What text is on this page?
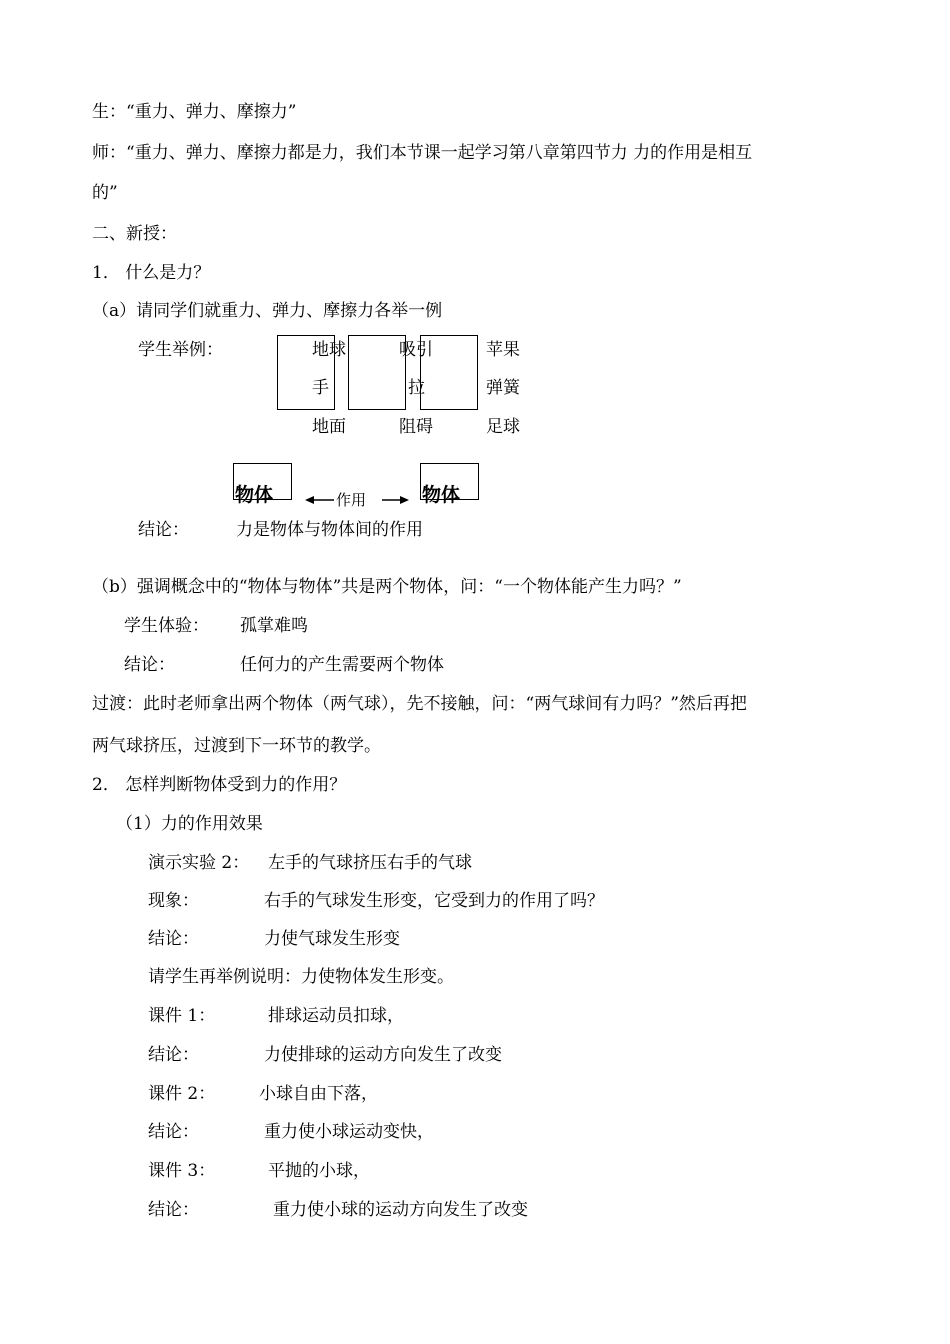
生：“重力、弹力、摩擦力”
师：“重力、弹力、摩擦力都是力，我们本节课一起学习第八章第四节力 力的作用是相互
的”
二、新授：
1． 什么是力？
（a）请同学们就重力、弹力、摩擦力各举一例
学生举例：	地球	吸引	苹果
手	拉	弹簧
地面	阻碍	足球
物体	物体
作用
结论：	力是物体与物体间的作用
（b）强调概念中的“物体与物体”共是两个物体，问：“一个物体能产生力吗？”
学生体验： 孤掌难鸣
结论：	任何力的产生需要两个物体
过渡：此时老师拿出两个物体（两气球），先不接触，问：“两气球间有力吗？”然后再把
两气球挤压，过渡到下一环节的教学。
2． 怎样判断物体受到力的作用？
（1）力的作用效果
演示实验 2： 左手的气球挤压右手的气球
现象：	右手的气球发生形变，它受到力的作用了吗？
结论：	力使气球发生形变
请学生再举例说明：力使物体发生形变。
课件 1：	排球运动员扣球，
结论：	力使排球的运动方向发生了改变
课件 2：	小球自由下落，
结论：	重力使小球运动变快，
课件 3：	平抛的小球，
结论：	重力使小球的运动方向发生了改变
